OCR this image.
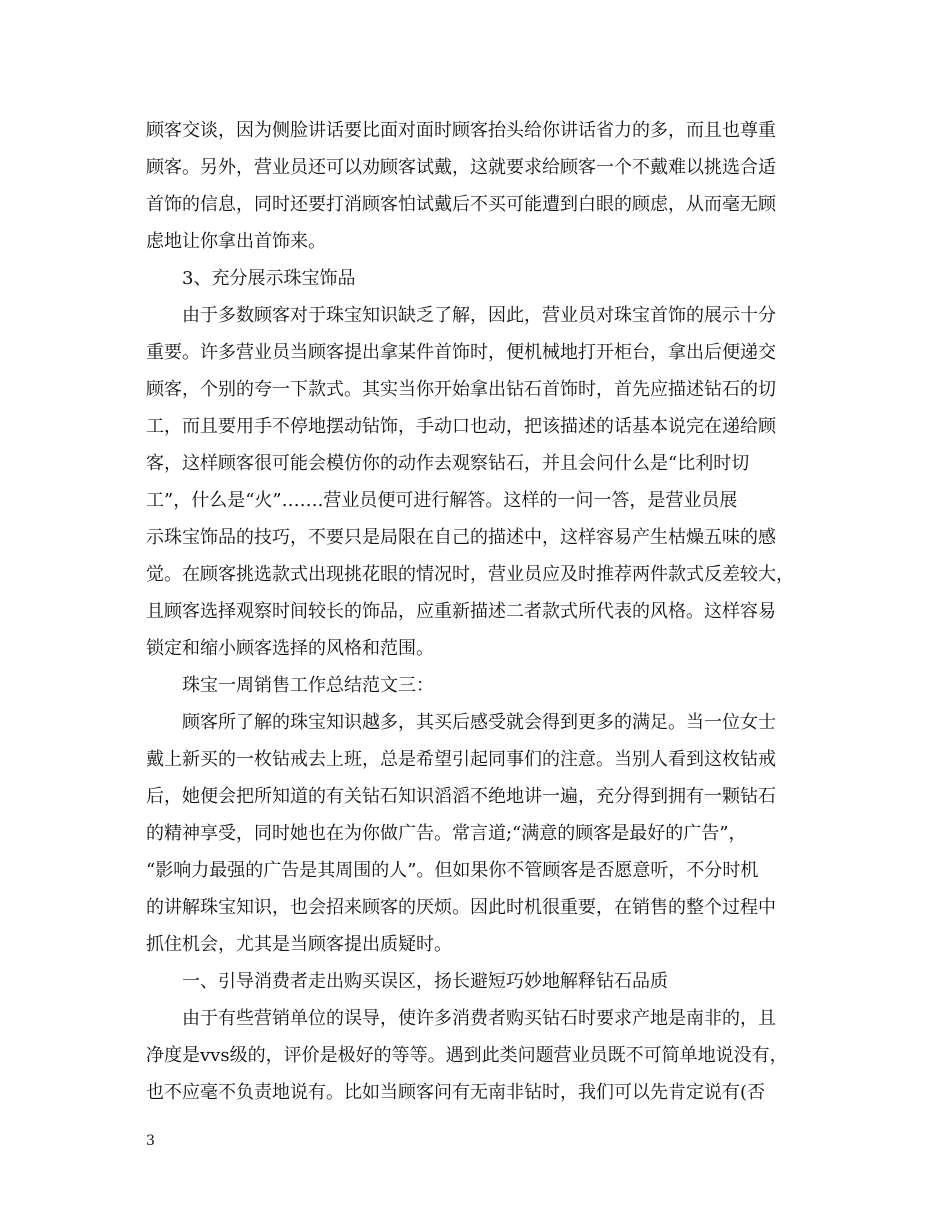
顾客交谈，因为侧脸讲话要比面对面时顾客抬头给你讲话省力的多，而且也尊重
顾客。另外，营业员还可以劝顾客试戴，这就要求给顾客一个不戴难以挑选合适
首饰的信息，同时还要打消顾客怕试戴后不买可能遭到白眼的顾虑，从而毫无顾
虑地让你拿出首饰来。
3、充分展示珠宝饰品
由于多数顾客对于珠宝知识缺乏了解，因此，营业员对珠宝首饰的展示十分
重要。许多营业员当顾客提出拿某件首饰时，便机械地打开柜台，拿出后便递交
顾客，个别的夸一下款式。其实当你开始拿出钻石首饰时，首先应描述钻石的切
工，而且要用手不停地摆动钻饰，手动口也动，把该描述的话基本说完在递给顾
客，这样顾客很可能会模仿你的动作去观察钻石，并且会问什么是“比利时切
工”，什么是“火”…….营业员便可进行解答。这样的一问一答，是营业员展
示珠宝饰品的技巧，不要只是局限在自己的描述中，这样容易产生枯燥五味的感
觉。在顾客挑选款式出现挑花眼的情况时，营业员应及时推荐两件款式反差较大，
且顾客选择观察时间较长的饰品，应重新描述二者款式所代表的风格。这样容易
锁定和缩小顾客选择的风格和范围。
珠宝一周销售工作总结范文三：
顾客所了解的珠宝知识越多，其买后感受就会得到更多的满足。当一位女士
戴上新买的一枚钻戒去上班，总是希望引起同事们的注意。当别人看到这枚钻戒
后，她便会把所知道的有关钻石知识滔滔不绝地讲一遍，充分得到拥有一颗钻石
的精神享受，同时她也在为你做广告。常言道;“满意的顾客是最好的广告”，
“影响力最强的广告是其周围的人”。但如果你不管顾客是否愿意听，不分时机
的讲解珠宝知识，也会招来顾客的厌烦。因此时机很重要，在销售的整个过程中
抓住机会，尤其是当顾客提出质疑时。
一、引导消费者走出购买误区，扬长避短巧妙地解释钻石品质
由于有些营销单位的误导，使许多消费者购买钻石时要求产地是南非的，且
净度是vvs级的，评价是极好的等等。遇到此类问题营业员既不可简单地说没有，
也不应毫不负责地说有。比如当顾客问有无南非钻时，我们可以先肯定说有(否
3
